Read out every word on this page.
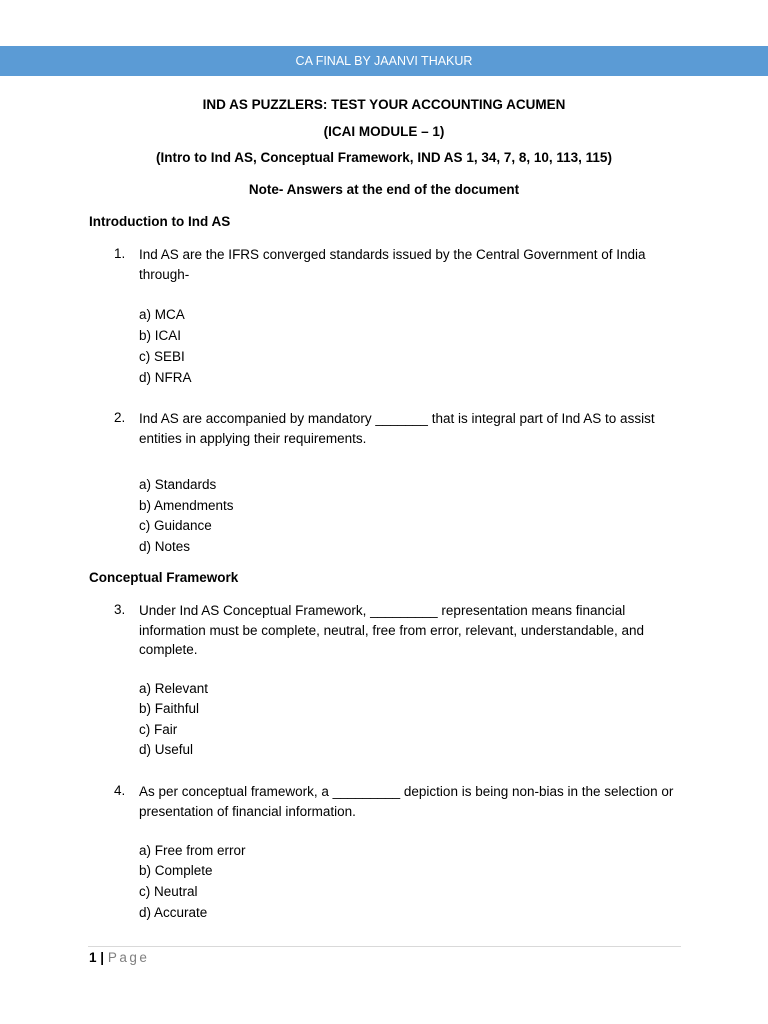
CA FINAL BY JAANVI THAKUR
IND AS PUZZLERS: TEST YOUR ACCOUNTING ACUMEN
(ICAI MODULE – 1)
(Intro to Ind AS, Conceptual Framework, IND AS 1, 34, 7, 8, 10, 113, 115)
Note- Answers at the end of the document
Introduction to Ind AS
1. Ind AS are the IFRS converged standards issued by the Central Government of India through-
a) MCA
b) ICAI
c) SEBI
d) NFRA
2. Ind AS are accompanied by mandatory _______ that is integral part of Ind AS to assist entities in applying their requirements.
a) Standards
b) Amendments
c) Guidance
d) Notes
Conceptual Framework
3. Under Ind AS Conceptual Framework, _________ representation means financial information must be complete, neutral, free from error, relevant, understandable, and complete.
a) Relevant
b) Faithful
c) Fair
d) Useful
4. As per conceptual framework, a _________ depiction is being non-bias in the selection or presentation of financial information.
a) Free from error
b) Complete
c) Neutral
d) Accurate
1 | Page
